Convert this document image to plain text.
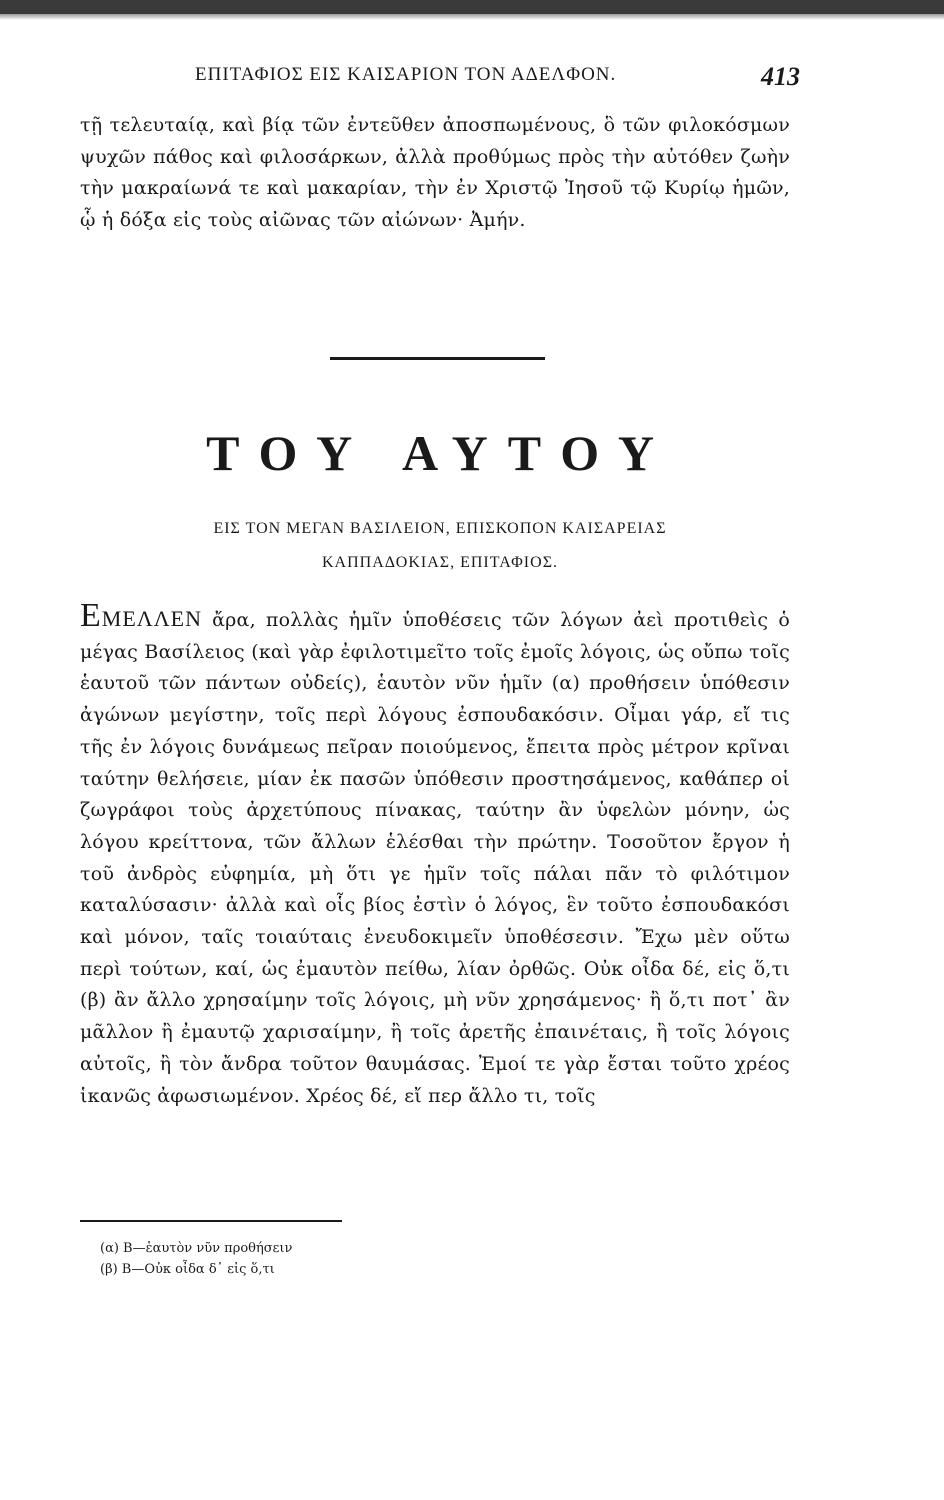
ΕΠΙΤΑΦΙΟΣ ΕΙΣ ΚΑΙΣΑΡΙΟΝ ΤΟΝ ΑΔΕΛΦΟΝ.	413

τῇ τελευταίᾳ, καὶ βίᾳ τῶν ἐντεῦθεν ἀποσπωμένους, ὃ τῶν φιλοκόσμων ψυχῶν πάθος καὶ φιλοσάρκων, ἀλλὰ προθύμως πρὸς τὴν αὐτόθεν ζωὴν τὴν μακραίωνά τε καὶ μακαρίαν, τὴν ἐν Χριστῷ Ἰησοῦ τῷ Κυρίῳ ἡμῶν, ᾧ ἡ δόξα εἰς τοὺς αἰῶνας τῶν αἰώνων· Ἀμήν.

ΤΟΥ ΑΥΤΟΥ

ΕΙΣ ΤΟΝ ΜΕΓΑΝ ΒΑΣΙΛΕΙΟΝ, ΕΠΙΣΚΟΠΟΝ ΚΑΙΣΑΡΕΙΑΣ
ΚΑΠΠΑΔΟΚΙΑΣ, ΕΠΙΤΑΦΙΟΣ.

ΕΜΕΛΛΕΝ ἄρα, πολλὰς ἡμῖν ὑποθέσεις τῶν λόγων ἀεὶ προτιθεὶς ὁ μέγας Βασίλειος (καὶ γὰρ ἐφιλοτιμεῖτο τοῖς ἐμοῖς λόγοις, ὡς οὔπω τοῖς ἑαυτοῦ τῶν πάντων οὐδείς), ἑαυτὸν νῦν ἡμῖν (α) προθήσειν ὑπόθεσιν ἀγώνων μεγίστην, τοῖς περὶ λόγους ἐσπουδακόσιν. Οἶμαι γάρ, εἴ τις τῆς ἐν λόγοις δυνάμεως πεῖραν ποιούμενος, ἔπειτα πρὸς μέτρον κρῖναι ταύτην θελήσειε, μίαν ἐκ πασῶν ὑπόθεσιν προστησάμενος, καθάπερ οἱ ζωγράφοι τοὺς ἀρχετύπους πίνακας, ταύτην ἂν ὑφελὼν μόνην, ὡς λόγου κρείττονα, τῶν ἄλλων ἑλέσθαι τὴν πρώτην. Τοσοῦτον ἔργον ἡ τοῦ ἀνδρὸς εὐφημία, μὴ ὅτι γε ἡμῖν τοῖς πάλαι πᾶν τὸ φιλότιμον καταλύσασιν· ἀλλὰ καὶ οἷς βίος ἐστὶν ὁ λόγος, ἓν τοῦτο ἐσπουδακόσι καὶ μόνον, ταῖς τοιαύταις ἐνευδοκιμεῖν ὑποθέσεσιν. Ἔχω μὲν οὕτω περὶ τούτων, καί, ὡς ἐμαυτὸν πείθω, λίαν ὀρθῶς. Οὐκ οἶδα δέ, εἰς ὅ,τι (β) ἂν ἄλλο χρησαίμην τοῖς λόγοις, μὴ νῦν χρησάμενος· ἢ ὅ,τι ποτ᾽ ἂν μᾶλλον ἢ ἐμαυτῷ χαρισαίμην, ἢ τοῖς ἀρετῆς ἐπαινέταις, ἢ τοῖς λόγοις αὐτοῖς, ἢ τὸν ἄνδρα τοῦτον θαυμάσας. Ἐμοί τε γὰρ ἔσται τοῦτο χρέος ἱκανῶς ἀφωσιωμένον. Χρέος δέ, εἴ περ ἄλλο τι, τοῖς

(α) Β—ἑαυτὸν νῦν προθήσειν
(β) Β—Οὐκ οἶδα δ᾽ εἰς ὅ,τι
